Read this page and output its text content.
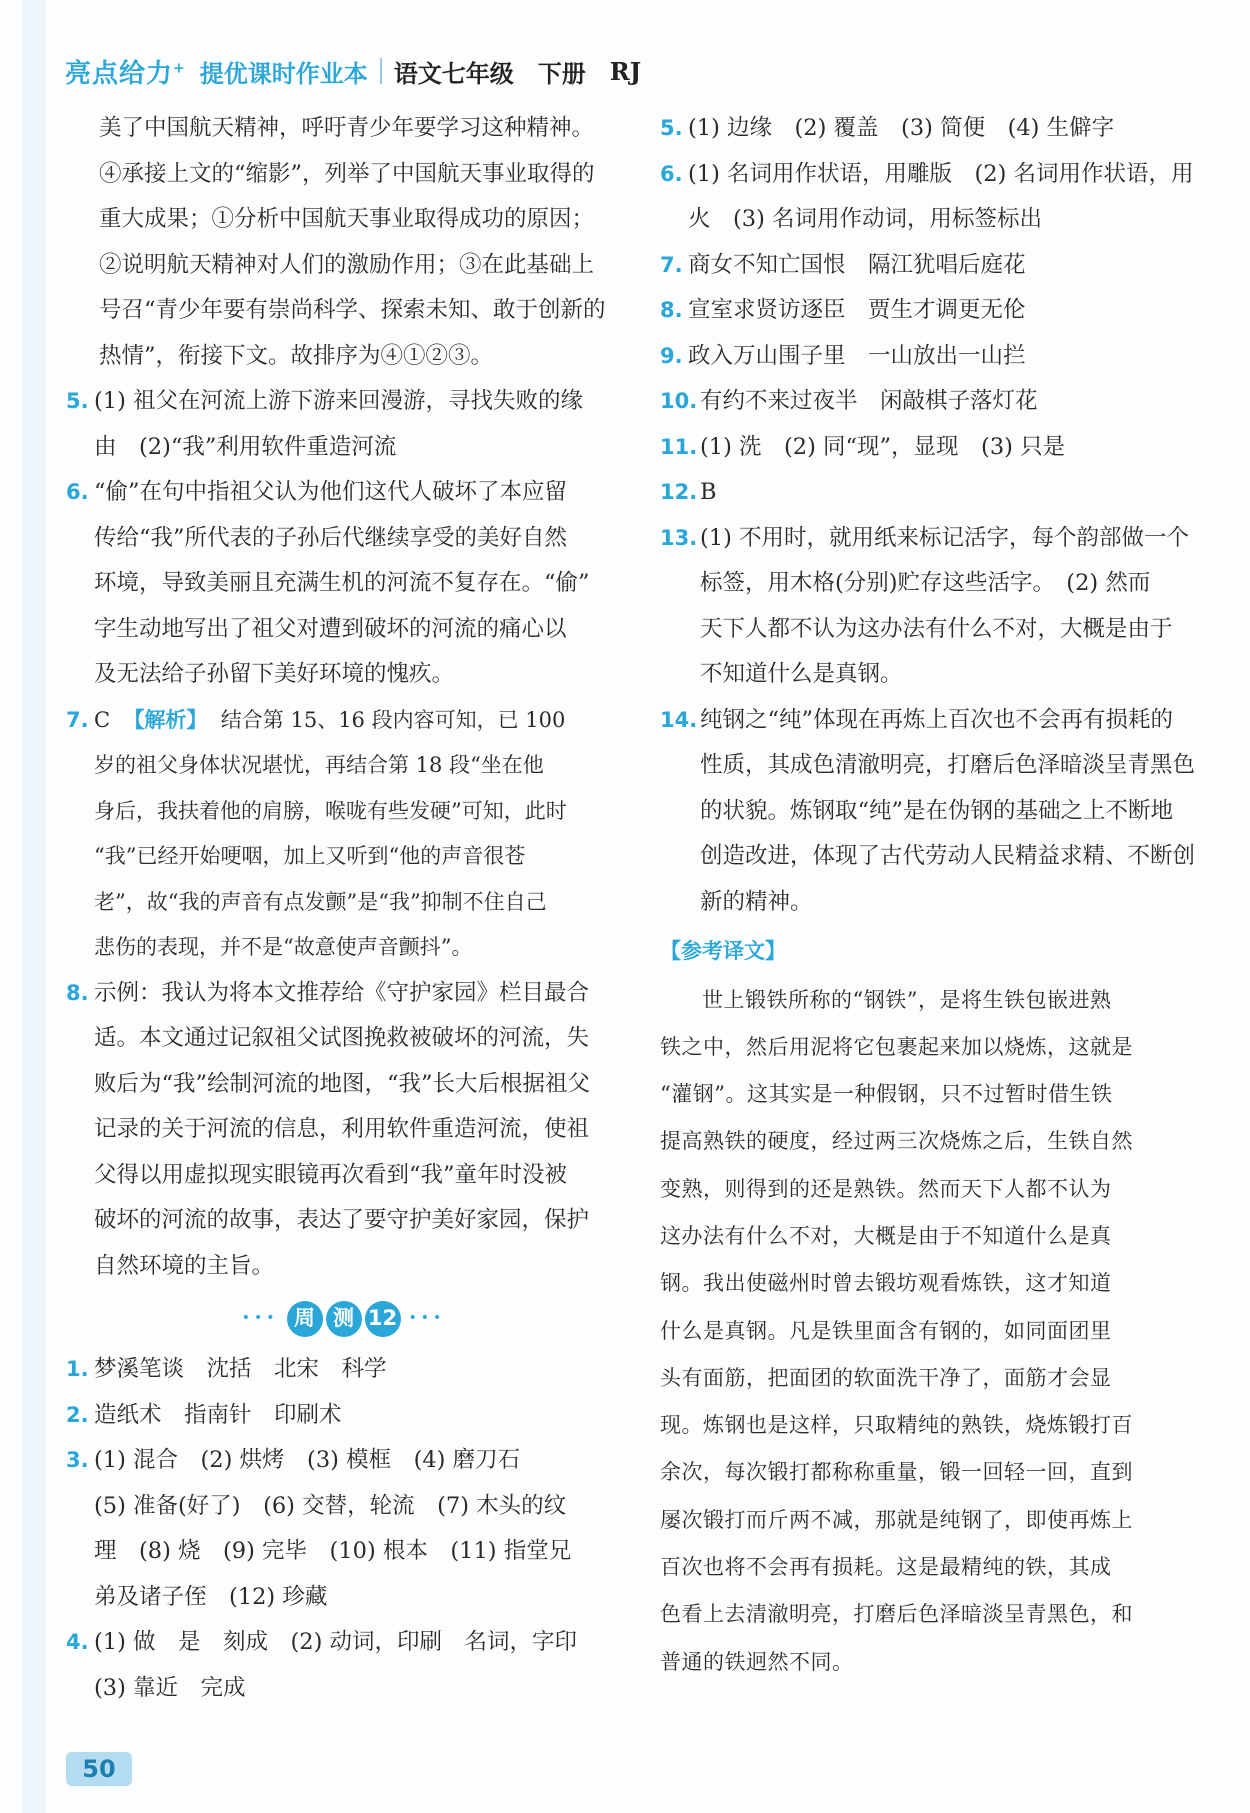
亮点给力+ 提优课时作业本 语文七年级 下册 RJ
美了中国航天精神，呼吁青少年要学习这种精神。
④承接上文的“缩影”，列举了中国航天事业取得的
重大成果；①分析中国航天事业取得成功的原因；
②说明航天精神对人们的激励作用；③在此基础上
号召“青少年要有崇尚科学、探索未知、敢于创新的
热情”，衔接下文。故排序为④①②③。
5. (1) 祖父在河流上游下游来回漫游，寻找失败的缘
由　(2)“我”利用软件重造河流
6. “偷”在句中指祖父认为他们这代人破坏了本应留
传给“我”所代表的子孙后代继续享受的美好自然
环境，导致美丽且充满生机的河流不复存在。“偷”
字生动地写出了祖父对遭到破坏的河流的痛心以
及无法给子孙留下美好环境的愧疚。
7. C 【解析】 结合第 15、16 段内容可知，已 100
岁的祖父身体状况堪忧，再结合第 18 段“坐在他
身后，我扶着他的肩膀，喉咙有些发硬”可知，此时
“我”已经开始哽咽，加上又听到“他的声音很苍
老”，故“我的声音有点发颤”是“我”抑制不住自己
悲伤的表现，并不是“故意使声音颤抖”。
8. 示例：我认为将本文推荐给《守护家园》栏目最合
适。本文通过记叙祖父试图挽救被破坏的河流，失
败后为“我”绘制河流的地图，“我”长大后根据祖父
记录的关于河流的信息，利用软件重造河流，使祖
父得以用虚拟现实眼镜再次看到“我”童年时没被
破坏的河流的故事，表达了要守护美好家园，保护
自然环境的主旨。
••• 周 测 12 •••
1. 梦溪笔谈　沈括　北宋　科学
2. 造纸术　指南针　印刷术
3. (1) 混合　(2) 烘烤　(3) 模框　(4) 磨刀石
(5) 准备(好了)　(6) 交替，轮流　(7) 木头的纹
理　(8) 烧　(9) 完毕　(10) 根本　(11) 指堂兄
弟及诸子侄　(12) 珍藏
4. (1) 做　是　刻成　(2) 动词，印刷　名词，字印
(3) 靠近　完成
5. (1) 边缘　(2) 覆盖　(3) 简便　(4) 生僻字
6. (1) 名词用作状语，用雕版　(2) 名词用作状语，用
火　(3) 名词用作动词，用标签标出
7. 商女不知亡国恨　隔江犹唱后庭花
8. 宣室求贤访逐臣　贾生才调更无伦
9. 政入万山围子里　一山放出一山拦
10. 有约不来过夜半　闲敲棋子落灯花
11. (1) 洗　(2) 同“现”，显现　(3) 只是
12. B
13. (1) 不用时，就用纸来标记活字，每个韵部做一个
标签，用木格(分别)贮存这些活字。　(2) 然而
天下人都不认为这办法有什么不对，大概是由于
不知道什么是真钢。
14. 纯钢之“纯”体现在再炼上百次也不会再有损耗的
性质，其成色清澈明亮，打磨后色泽暗淡呈青黑色
的状貌。炼钢取“纯”是在伪钢的基础之上不断地
创造改进，体现了古代劳动人民精益求精、不断创
新的精神。
【参考译文】
世上锻铁所称的“钢铁”，是将生铁包嵌进熟
铁之中，然后用泥将它包裹起来加以烧炼，这就是
“灌钢”。这其实是一种假钢，只不过暂时借生铁
提高熟铁的硬度，经过两三次烧炼之后，生铁自然
变熟，则得到的还是熟铁。然而天下人都不认为
这办法有什么不对，大概是由于不知道什么是真
钢。我出使磁州时曾去锻坊观看炼铁，这才知道
什么是真钢。凡是铁里面含有钢的，如同面团里
头有面筋，把面团的软面洗干净了，面筋才会显
现。炼钢也是这样，只取精纯的熟铁，烧炼锻打百
余次，每次锻打都称称重量，锻一回轻一回，直到
屡次锻打而斤两不减，那就是纯钢了，即使再炼上
百次也将不会再有损耗。这是最精纯的铁，其成
色看上去清澈明亮，打磨后色泽暗淡呈青黑色，和
普通的铁迥然不同。
50
